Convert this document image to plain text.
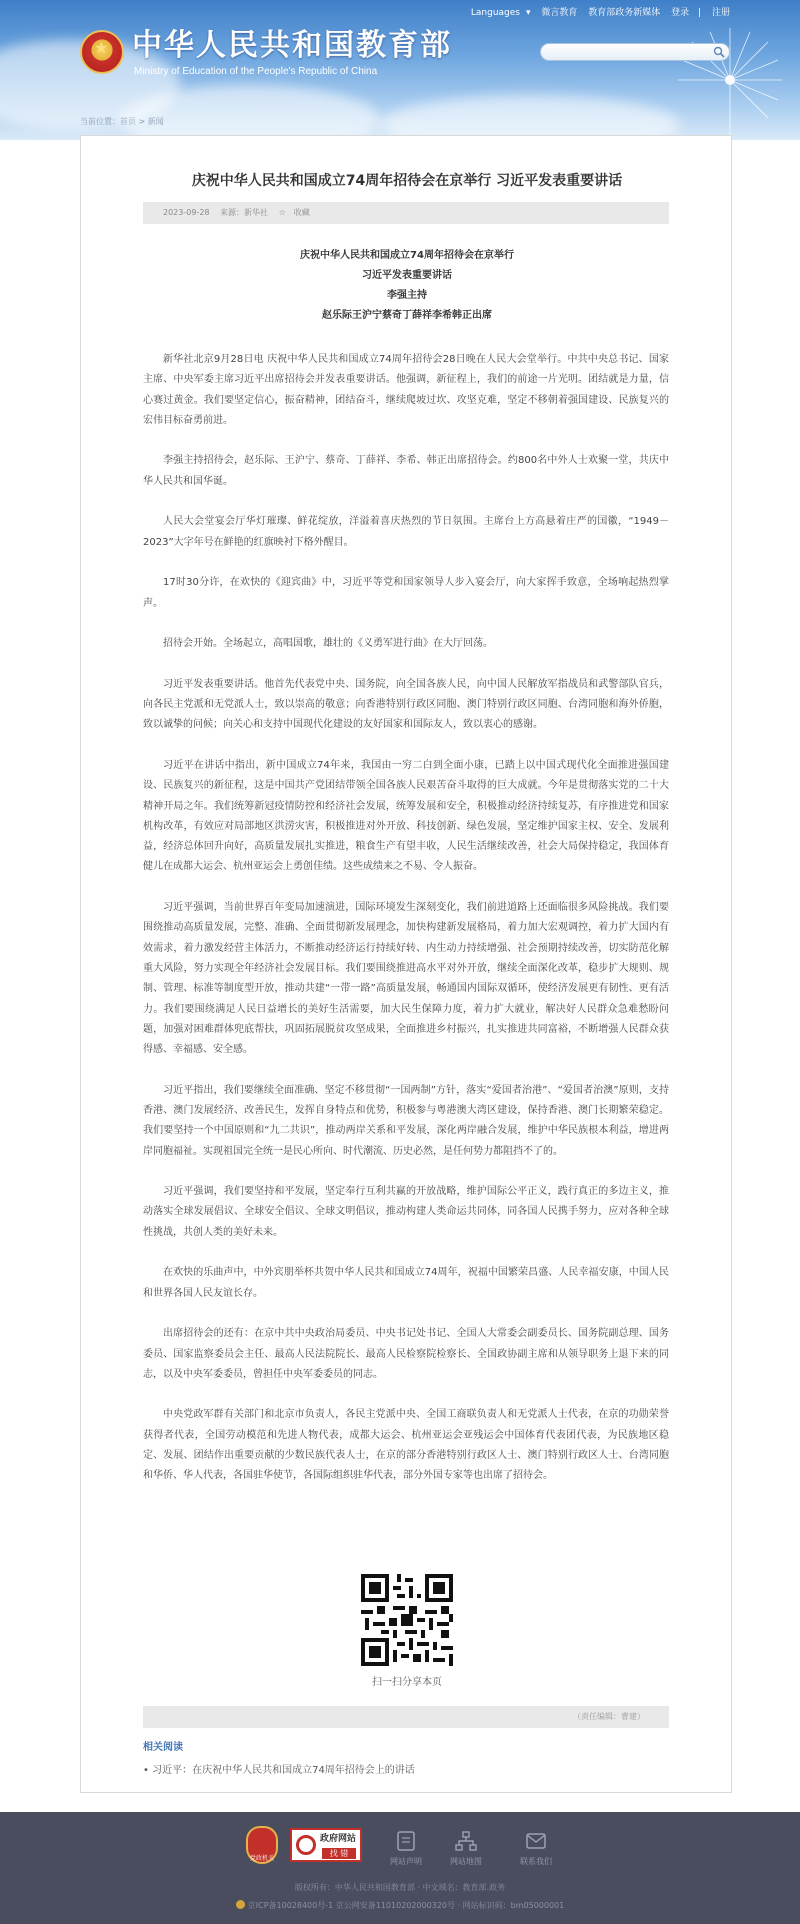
★ 中华人民共和国教育部
Ministry of Education of the People's Republic of China
Languages ▾ 微言教育 教育部政务新媒体 登录 | 注册
当前位置：首页 > 新闻
庆祝中华人民共和国成立74周年招待会在京举行 习近平发表重要讲话
2023-09-28 来源：新华社 ☆ 收藏
庆祝中华人民共和国成立74周年招待会在京举行
习近平发表重要讲话
李强主持
赵乐际王沪宁蔡奇丁薛祥李希韩正出席

新华社北京9月28日电 庆祝中华人民共和国成立74周年招待会28日晚在人民大会堂举行。中共中央总书记、国家主席、中央军委主席习近平出席招待会并发表重要讲话。他强调，新征程上，我们的前途一片光明。团结就是力量，信心赛过黄金。我们要坚定信心，振奋精神，团结奋斗，继续爬坡过坎、攻坚克难，坚定不移朝着强国建设、民族复兴的宏伟目标奋勇前进。

李强主持招待会，赵乐际、王沪宁、蔡奇、丁薛祥、李希、韩正出席招待会。约800名中外人士欢聚一堂，共庆中华人民共和国华诞。

人民大会堂宴会厅华灯璀璨、鲜花绽放，洋溢着喜庆热烈的节日氛围。主席台上方高悬着庄严的国徽，“1949－2023”大字年号在鲜艳的红旗映衬下格外醒目。

17时30分许，在欢快的《迎宾曲》中，习近平等党和国家领导人步入宴会厅，向大家挥手致意，全场响起热烈掌声。

招待会开始。全场起立，高唱国歌，雄壮的《义勇军进行曲》在大厅回荡。

习近平发表重要讲话。他首先代表党中央、国务院，向全国各族人民，向中国人民解放军指战员和武警部队官兵，向各民主党派和无党派人士，致以崇高的敬意；向香港特别行政区同胞、澳门特别行政区同胞、台湾同胞和海外侨胞，致以诚挚的问候；向关心和支持中国现代化建设的友好国家和国际友人，致以衷心的感谢。

习近平在讲话中指出，新中国成立74年来，我国由一穷二白到全面小康，已踏上以中国式现代化全面推进强国建设、民族复兴的新征程，这是中国共产党团结带领全国各族人民艰苦奋斗取得的巨大成就。今年是贯彻落实党的二十大精神开局之年。我们统筹新冠疫情防控和经济社会发展，统筹发展和安全，积极推动经济持续复苏，有序推进党和国家机构改革，有效应对局部地区洪涝灾害，积极推进对外开放、科技创新、绿色发展，坚定维护国家主权、安全、发展利益，经济总体回升向好，高质量发展扎实推进，粮食生产有望丰收，人民生活继续改善，社会大局保持稳定，我国体育健儿在成都大运会、杭州亚运会上勇创佳绩。这些成绩来之不易、令人振奋。

习近平强调，当前世界百年变局加速演进，国际环境发生深刻变化，我们前进道路上还面临很多风险挑战。我们要围绕推动高质量发展，完整、准确、全面贯彻新发展理念，加快构建新发展格局，着力加大宏观调控，着力扩大国内有效需求，着力激发经营主体活力，不断推动经济运行持续好转、内生动力持续增强、社会预期持续改善，切实防范化解重大风险，努力实现全年经济社会发展目标。我们要围绕推进高水平对外开放，继续全面深化改革，稳步扩大规则、规制、管理、标准等制度型开放，推动共建“一带一路”高质量发展，畅通国内国际双循环，使经济发展更有韧性、更有活力。我们要围绕满足人民日益增长的美好生活需要，加大民生保障力度，着力扩大就业，解决好人民群众急难愁盼问题，加强对困难群体兜底帮扶，巩固拓展脱贫攻坚成果，全面推进乡村振兴，扎实推进共同富裕，不断增强人民群众获得感、幸福感、安全感。

习近平指出，我们要继续全面准确、坚定不移贯彻“一国两制”方针，落实“爱国者治港”、“爱国者治澳”原则，支持香港、澳门发展经济、改善民生，发挥自身特点和优势，积极参与粤港澳大湾区建设，保持香港、澳门长期繁荣稳定。我们要坚持一个中国原则和“九二共识”，推动两岸关系和平发展，深化两岸融合发展，维护中华民族根本利益，增进两岸同胞福祉。实现祖国完全统一是民心所向、时代潮流、历史必然，是任何势力都阻挡不了的。

习近平强调，我们要坚持和平发展，坚定奉行互利共赢的开放战略，维护国际公平正义，践行真正的多边主义，推动落实全球发展倡议、全球安全倡议、全球文明倡议，推动构建人类命运共同体，同各国人民携手努力，应对各种全球性挑战，共创人类的美好未来。

在欢快的乐曲声中，中外宾朋举杯共贺中华人民共和国成立74周年，祝福中国繁荣昌盛、人民幸福安康，中国人民和世界各国人民友谊长存。

出席招待会的还有：在京中共中央政治局委员、中央书记处书记、全国人大常委会副委员长、国务院副总理、国务委员、国家监察委员会主任、最高人民法院院长、最高人民检察院检察长、全国政协副主席和从领导职务上退下来的同志，以及中央军委委员，曾担任中央军委委员的同志。

中央党政军群有关部门和北京市负责人，各民主党派中央、全国工商联负责人和无党派人士代表，在京的功勋荣誉获得者代表，全国劳动模范和先进人物代表，成都大运会、杭州亚运会亚残运会中国体育代表团代表，为民族地区稳定、发展、团结作出重要贡献的少数民族代表人士，在京的部分香港特别行政区人士、澳门特别行政区人士、台湾同胞和华侨、华人代表，各国驻华使节，各国际组织驻华代表，部分外国专家等也出席了招待会。

扫一扫分享本页
（责任编辑：曹建）
相关阅读
• 习近平：在庆祝中华人民共和国成立74周年招待会上的讲话
党政机关
政府网站
找 错
网站声明	网站地图	联系我们
版权所有：中华人民共和国教育部 · 中文域名：教育部.政务
京ICP备10028400号-1 京公网安备11010202000320号 · 网站标识码：bm05000001
